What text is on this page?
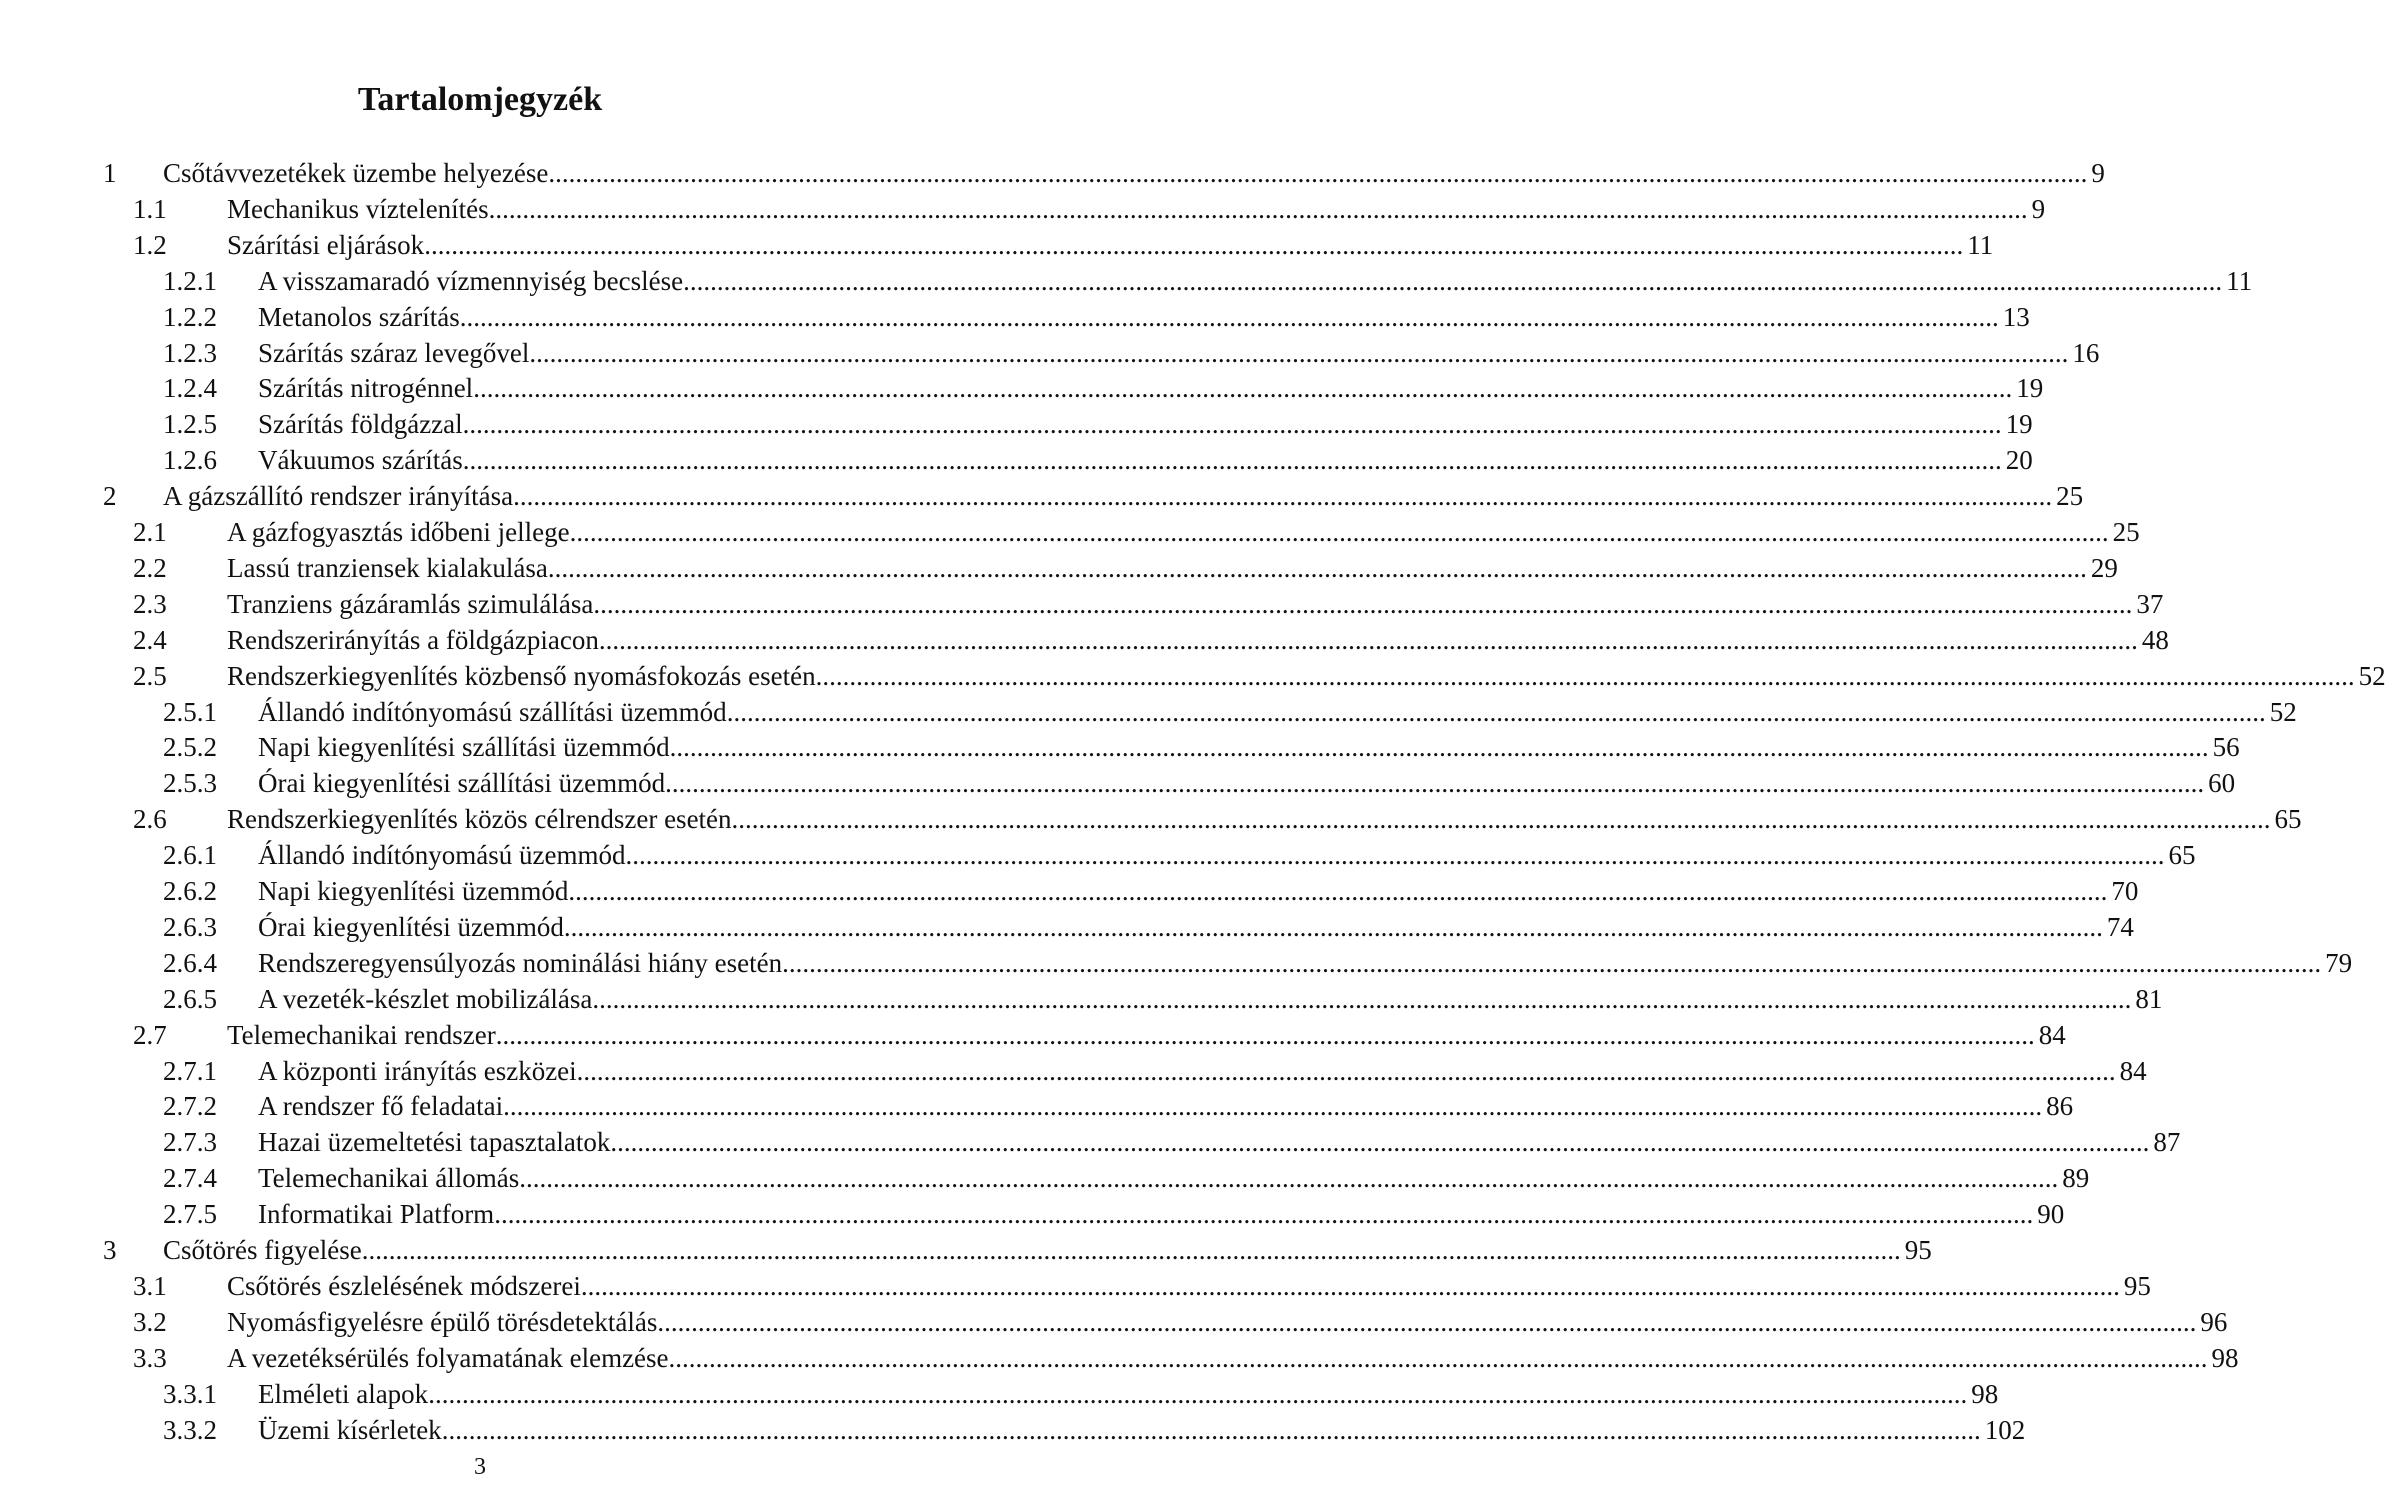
Tartalomjegyzék
1 Csőtávvezetékek üzembe helyezése .....	9
1.1 Mechanikus víztelenítés .....	9
1.2 Szárítási eljárások .....	11
1.2.1 A visszamaradó vízmennyiség becslése .....	11
1.2.2 Metanolos szárítás .....	13
1.2.3 Szárítás száraz levegővel .....	16
1.2.4 Szárítás nitrogénnel .....	19
1.2.5 Szárítás földgázzal .....	19
1.2.6 Vákuumos szárítás .....	20
2 A gázszállító rendszer irányítása .....	25
2.1 A gázfogyasztás időbeni jellege .....	25
2.2 Lassú tranziensek kialakulása .....	29
2.3 Tranziens gázáramlás szimulálása .....	37
2.4 Rendszerirányítás a földgázpiacon .....	48
2.5 Rendszerkiegyenlítés közbenső nyomásfokozás esetén .....	52
2.5.1 Állandó indítónyomású szállítási üzemmód .....	52
2.5.2 Napi kiegyenlítési szállítási üzemmód .....	56
2.5.3 Órai kiegyenlítési szállítási üzemmód .....	60
2.6 Rendszerkiegyenlítés közös célrendszer esetén .....	65
2.6.1 Állandó indítónyomású üzemmód .....	65
2.6.2 Napi kiegyenlítési üzemmód .....	70
2.6.3 Órai kiegyenlítési üzemmód .....	74
2.6.4 Rendszeregyensúlyozás nominálási hiány esetén .....	79
2.6.5 A vezeték-készlet mobilizálása .....	81
2.7 Telemechanikai rendszer .....	84
2.7.1 A központi irányítás eszközei .....	84
2.7.2 A rendszer fő feladatai .....	86
2.7.3 Hazai üzemeltetési tapasztalatok .....	87
2.7.4 Telemechanikai állomás .....	89
2.7.5 Informatikai Platform .....	90
3 Csőtörés figyelése .....	95
3.1 Csőtörés észlelésének módszerei .....	95
3.2 Nyomásfigyelésre épülő törésdetektálás .....	96
3.3 A vezetéksérülés folyamatának elemzése .....	98
3.3.1 Elméleti alapok .....	98
3.3.2 Üzemi kísérletek .....	102
3
